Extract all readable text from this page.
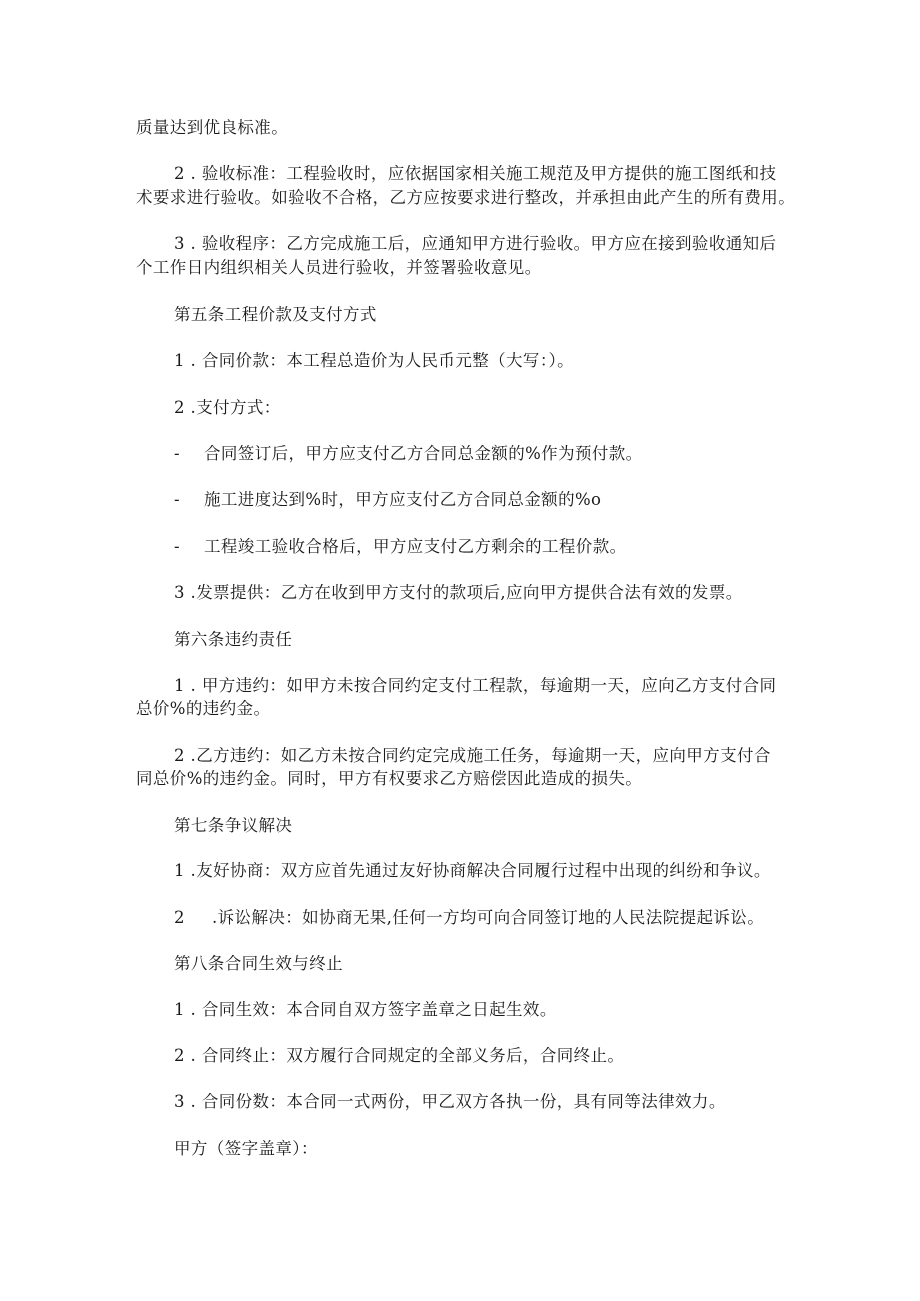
质量达到优良标准。
2 . 验收标准：工程验收时，应依据国家相关施工规范及甲方提供的施工图纸和技
术要求进行验收。如验收不合格，乙方应按要求进行整改，并承担由此产生的所有费用。
3 . 验收程序：乙方完成施工后，应通知甲方进行验收。甲方应在接到验收通知后
个工作日内组织相关人员进行验收，并签署验收意见。
第五条工程价款及支付方式
1 . 合同价款：本工程总造价为人民币元整（大写：）。
2 .支付方式：
- 合同签订后，甲方应支付乙方合同总金额的%作为预付款。
- 施工进度达到%时，甲方应支付乙方合同总金额的%o
- 工程竣工验收合格后，甲方应支付乙方剩余的工程价款。
3 .发票提供：乙方在收到甲方支付的款项后,应向甲方提供合法有效的发票。
第六条违约责任
1 . 甲方违约：如甲方未按合同约定支付工程款，每逾期一天，应向乙方支付合同
总价%的违约金。
2 .乙方违约：如乙方未按合同约定完成施工任务，每逾期一天，应向甲方支付合
同总价%的违约金。同时，甲方有权要求乙方赔偿因此造成的损失。
第七条争议解决
1 .友好协商：双方应首先通过友好协商解决合同履行过程中出现的纠纷和争议。
2 .诉讼解决：如协商无果,任何一方均可向合同签订地的人民法院提起诉讼。
第八条合同生效与终止
1 . 合同生效：本合同自双方签字盖章之日起生效。
2 . 合同终止：双方履行合同规定的全部义务后，合同终止。
3 . 合同份数：本合同一式两份，甲乙双方各执一份，具有同等法律效力。
甲方（签字盖章）：
